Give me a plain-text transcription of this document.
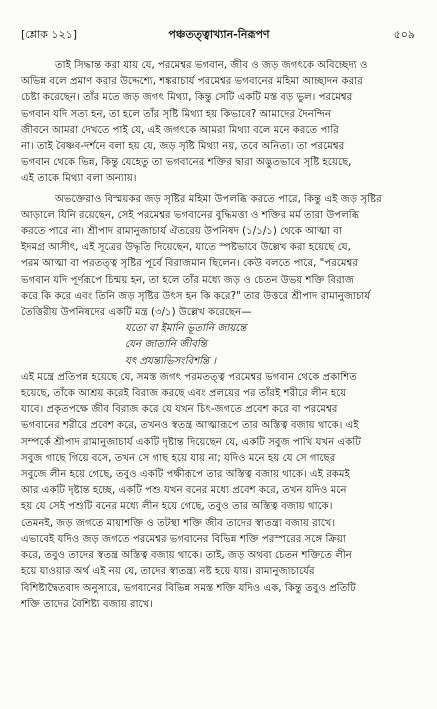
[শ্লোক ১২১]	পঞ্চতত্ত্বাখ্যান-নিরূপণ	৫০৯
তাই সিদ্ধান্ত করা যায় যে, পরমেশ্বর ভগবান, জীব ও জড় জগৎকে অবিচ্ছেদ্য ও
অভিন্ন বলে প্রমাণ করার উদ্দেশ্যে, শঙ্করাচার্য পরমেশ্বর ভগবানের মহিমা আচ্ছাদন করার
চেষ্টা করেছেন। তাঁর মতে জড় জগৎ মিথ্যা, কিন্তু সেটি একটি মস্ত বড় ভুল। পরমেশ্বর
ভগবান যদি সত্য হন, তা হলে তাঁর সৃষ্টি মিথ্যা হয় কিভাবে? আমাদের দৈনন্দিন
জীবনে আমরা দেখতে পাই যে, এই জগৎকে আমরা মিথ্যা বলে মনে করতে পারি
না। তাই বৈষ্ণব-দর্শনে বলা হয় যে, জড় সৃষ্টি মিথ্যা নয়, তবে অনিত্য। তা পরমেশ্বর
ভগবান থেকে ভিন্ন, কিন্তু যেহেতু তা ভগবানের শক্তির দ্বারা অদ্ভুতভাবে সৃষ্টি হয়েছে,
এই তাকে মিথ্যা বলা অন্যায়।
অভক্তেরাও বিস্ময়কর জড় সৃষ্টির মহিমা উপলব্ধি করতে পারে, কিন্তু এই জড় সৃষ্টির
আড়ালে যিনি রয়েছেন, সেই পরমেশ্বর ভগবানের বুদ্ধিমত্তা ও শক্তির মর্ম তারা উপলব্ধি
করতে পারে না। শ্রীপাদ রামানুজাচার্য ঐতরেয় উপনিষদ (১/১/১) থেকে আত্মা বা
ইদমগ্র আসীৎ, এই সূত্রের উদ্ধৃতি দিয়েছেন, যাতে স্পষ্টভাবে উল্লেখ করা হয়েছে যে,
পরম আত্মা বা পরতত্ত্ব সৃষ্টির পূর্বে বিরাজমান ছিলেন। কেউ বলতে পারে, "পরমেশ্বর
ভগবান যদি পূর্ণরূপে চিন্ময় হন, তা হলে তাঁর মধ্যে জড় ও চেতন উভয় শক্তি বিরাজ
করে কি করে এবং তিনি জড় সৃষ্টির উৎস হন কি করে?" তার উত্তরে শ্রীপাদ রামানুজাচার্য
তৈত্তিরীয় উপনিষদের একটি মন্ত্র (৩/১) উল্লেখ করেছেন—
যতো বা ইমানি ভূতানি জায়ন্তে
যেন জাতানি জীবন্তি
যৎ প্রযন্ত্যভিসংবিশন্তি ।
এই মন্ত্রে প্রতিপন্ন হয়েছে যে, সমস্ত জগৎ পরমতত্ত্ব পরমেশ্বর ভগবান থেকে প্রকাশিত
হয়েছে, তাঁকে আশ্রয় করেই বিরাজ করছে এবং প্রলয়ের পর তাঁরই শরীরে লীন হয়ে
যাবে। প্রকৃতপক্ষে জীব বিরাজ করে যে যখন চিৎ-জগতে প্রবেশ করে বা পরমেশ্বর
ভগবানের শরীরে প্রবেশ করে, তখনও স্বতন্ত্র আত্মারূপে তার অস্তিত্ব বজায় থাকে। এই
সম্পর্কে শ্রীপাদ রামানুজাচার্য একটি দৃষ্টান্ত দিয়েছেন যে, একটি সবুজ পাখি যখন একটি
সবুজ গাছে গিয়ে বসে, তখন সে গাছ হয়ে যায় না; যদিও মনে হয় যে সে গাছের
সবুজে লীন হয়ে গেছে, তবুও একটি পক্ষীরূপে তার অস্তিত্ব বজায় থাকে। এই রকমই
আর একটি দৃষ্টান্ত হচ্ছে, একটি পশু যখন বনের মধ্যে প্রবেশ করে, তখন যদিও মনে
হয় যে সেই পশুটি বনের মধ্যে লীন হয়ে গেছে, তবুও তার অস্তিত্ব বজায় থাকে।
তেমনই, জড় জগতে মায়াশক্তি ও তটস্থা শক্তি জীব তাদের স্বাতন্ত্র্য বজায় রাখে।
এভাবেই যদিও জড় জগতে পরমেশ্বর ভগবানের বিভিন্ন শক্তি পরস্পরের সঙ্গে ক্রিয়া
করে, তবুও তাদের স্বতন্ত্র অস্তিত্ব বজায় থাকে। তাই, জড় অথবা চেতন শক্তিতে লীন
হয়ে যাওয়ার অর্থ এই নয় যে, তাদের স্বাতন্ত্র্য নষ্ট হয়ে যায়। রামানুজাচার্যের
বিশিষ্টাদ্বৈতবাদ অনুসারে, ভগবানের বিভিন্ন সমস্ত শক্তি যদিও এক, কিন্তু তবুও প্রতিটি
শক্তি তাদের বৈশিষ্ট্য বজায় রাখে।
